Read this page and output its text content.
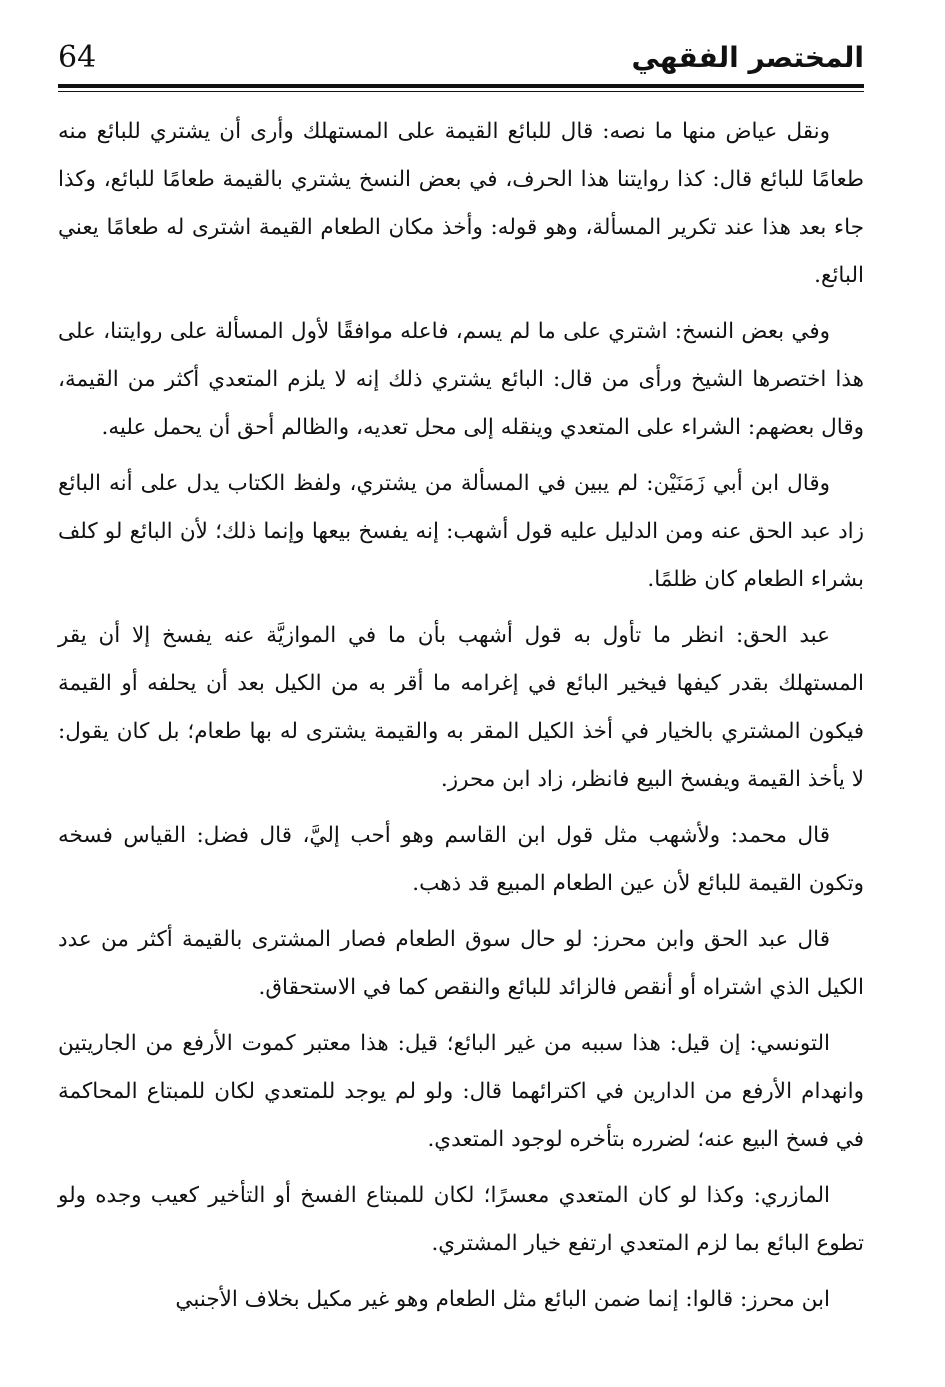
64	المختصر الفقهي

ونقل عياض منها ما نصه: قال للبائع القيمة على المستهلك وأرى أن يشتري للبائع منه طعامًا للبائع قال: كذا روايتنا هذا الحرف، في بعض النسخ يشتري بالقيمة طعامًا للبائع، وكذا جاء بعد هذا عند تكرير المسألة، وهو قوله: وأخذ مكان الطعام القيمة اشترى له طعامًا يعني البائع.

وفي بعض النسخ: اشتري على ما لم يسم، فاعله موافقًا لأول المسألة على روايتنا، على هذا اختصرها الشيخ ورأى من قال: البائع يشتري ذلك إنه لا يلزم المتعدي أكثر من القيمة، وقال بعضهم: الشراء على المتعدي وينقله إلى محل تعديه، والظالم أحق أن يحمل عليه.

وقال ابن أبي زَمَنَيْن: لم يبين في المسألة من يشتري، ولفظ الكتاب يدل على أنه البائع زاد عبد الحق عنه ومن الدليل عليه قول أشهب: إنه يفسخ بيعها وإنما ذلك؛ لأن البائع لو كلف بشراء الطعام كان ظلمًا.

عبد الحق: انظر ما تأول به قول أشهب بأن ما في الموازيَّة عنه يفسخ إلا أن يقر المستهلك بقدر كيفها فيخير البائع في إغرامه ما أقر به من الكيل بعد أن يحلفه أو القيمة فيكون المشتري بالخيار في أخذ الكيل المقر به والقيمة يشترى له بها طعام؛ بل كان يقول: لا يأخذ القيمة ويفسخ البيع فانظر، زاد ابن محرز.

قال محمد: ولأشهب مثل قول ابن القاسم وهو أحب إليَّ، قال فضل: القياس فسخه وتكون القيمة للبائع لأن عين الطعام المبيع قد ذهب.

قال عبد الحق وابن محرز: لو حال سوق الطعام فصار المشترى بالقيمة أكثر من عدد الكيل الذي اشتراه أو أنقص فالزائد للبائع والنقص كما في الاستحقاق.

التونسي: إن قيل: هذا سببه من غير البائع؛ قيل: هذا معتبر كموت الأرفع من الجاريتين وانهدام الأرفع من الدارين في اكترائهما قال: ولو لم يوجد للمتعدي لكان للمبتاع المحاكمة في فسخ البيع عنه؛ لضرره بتأخره لوجود المتعدي.

المازري: وكذا لو كان المتعدي معسرًا؛ لكان للمبتاع الفسخ أو التأخير كعيب وجده ولو تطوع البائع بما لزم المتعدي ارتفع خيار المشتري.

ابن محرز: قالوا: إنما ضمن البائع مثل الطعام وهو غير مكيل بخلاف الأجنبي
